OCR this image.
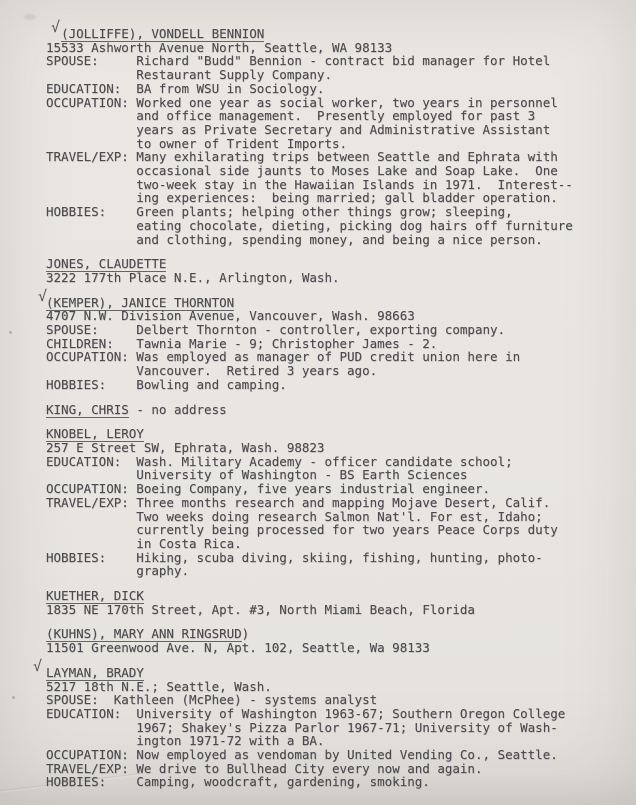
√ (JOLLIFFE), VONDELL BENNION
15533 Ashworth Avenue North, Seattle, WA 98133
SPOUSE:     Richard "Budd" Bennion - contract bid manager for Hotel
Restaurant Supply Company.
EDUCATION:  BA from WSU in Sociology.
OCCUPATION: Worked one year as social worker, two years in personnel
and office management.  Presently employed for past 3
years as Private Secretary and Administrative Assistant
to owner of Trident Imports.
TRAVEL/EXP: Many exhilarating trips between Seattle and Ephrata with
occasional side jaunts to Moses Lake and Soap Lake.  One
two-week stay in the Hawaiian Islands in 1971.  Interest--
ing experiences:  being married; gall bladder operation.
HOBBIES:    Green plants; helping other things grow; sleeping,
eating chocolate, dieting, picking dog hairs off furniture
and clothing, spending money, and being a nice person.
JONES, CLAUDETTE
3222 177th Place N.E., Arlington, Wash.
√
(KEMPER), JANICE THORNTON
4707 N.W. Division Avenue, Vancouver, Wash. 98663
SPOUSE:     Delbert Thornton - controller, exporting company.
CHILDREN:   Tawnia Marie - 9; Christopher James - 2.
OCCUPATION: Was employed as manager of PUD credit union here in
Vancouver.  Retired 3 years ago.
HOBBIES:    Bowling and camping.
KING, CHRIS - no address
KNOBEL, LEROY
257 E Street SW, Ephrata, Wash. 98823
EDUCATION:  Wash. Military Academy - officer candidate school;
University of Washington - BS Earth Sciences
OCCUPATION: Boeing Company, five years industrial engineer.
TRAVEL/EXP: Three months research and mapping Mojave Desert, Calif.
Two weeks doing research Salmon Nat'l. For est, Idaho;
currently being processed for two years Peace Corps duty
in Costa Rica.
HOBBIES:    Hiking, scuba diving, skiing, fishing, hunting, photo-
graphy.
KUETHER, DICK
1835 NE 170th Street, Apt. #3, North Miami Beach, Florida
(KUHNS), MARY ANN RINGSRUD)
11501 Greenwood Ave. N, Apt. 102, Seattle, Wa 98133
√ LAYMAN, BRADY
5217 18th N.E.; Seattle, Wash.
SPOUSE:  Kathleen (McPhee) - systems analyst
EDUCATION:  University of Washington 1963-67; Southern Oregon College
1967; Shakey's Pizza Parlor 1967-71; University of Wash-
ington 1971-72 with a BA.
OCCUPATION: Now employed as vendoman by United Vending Co., Seattle.
TRAVEL/EXP: We drive to Bullhead City every now and again.
HOBBIES:    Camping, woodcraft, gardening, smoking.
